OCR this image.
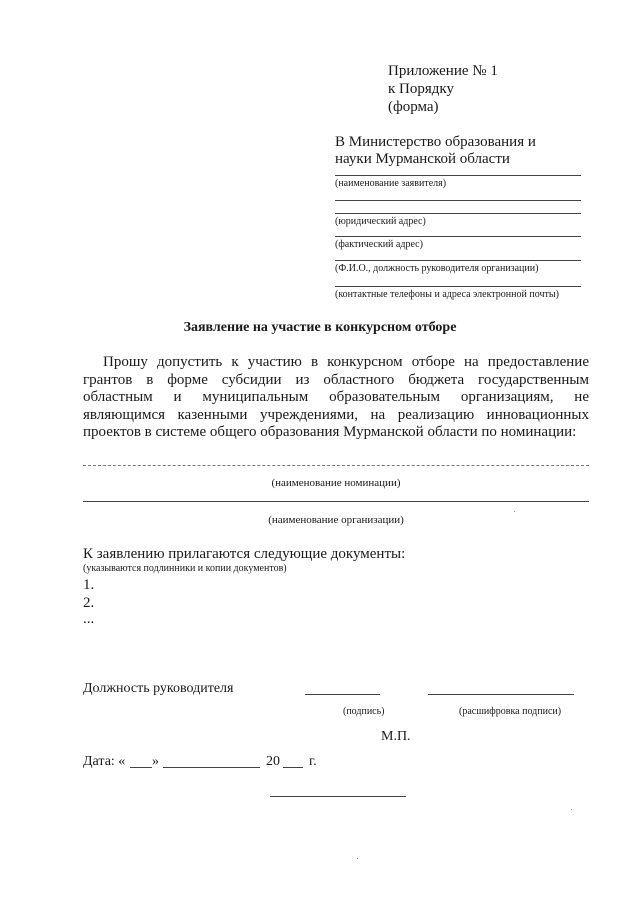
Приложение № 1
к Порядку
(форма)
В Министерство образования и
науки Мурманской области
(наименование заявителя)
(юридический адрес)
(фактический адрес)
(Ф.И.О., должность руководителя организации)
(контактные телефоны и адреса электронной почты)
Заявление на участие в конкурсном отборе
Прошу допустить к участию в конкурсном отборе на предоставление грантов в форме субсидии из областного бюджета государственным областным и муниципальным образовательным организациям, не являющимся казенными учреждениями, на реализацию инновационных проектов в системе общего образования Мурманской области по номинации:
(наименование номинации)
(наименование организации)
К заявлению прилагаются следующие документы:
(указываются подлинники и копии документов)
1.
2.
...
Должность руководителя
(подпись)	(расшифровка подписи)
М.П.
Дата: « »	20 г.
